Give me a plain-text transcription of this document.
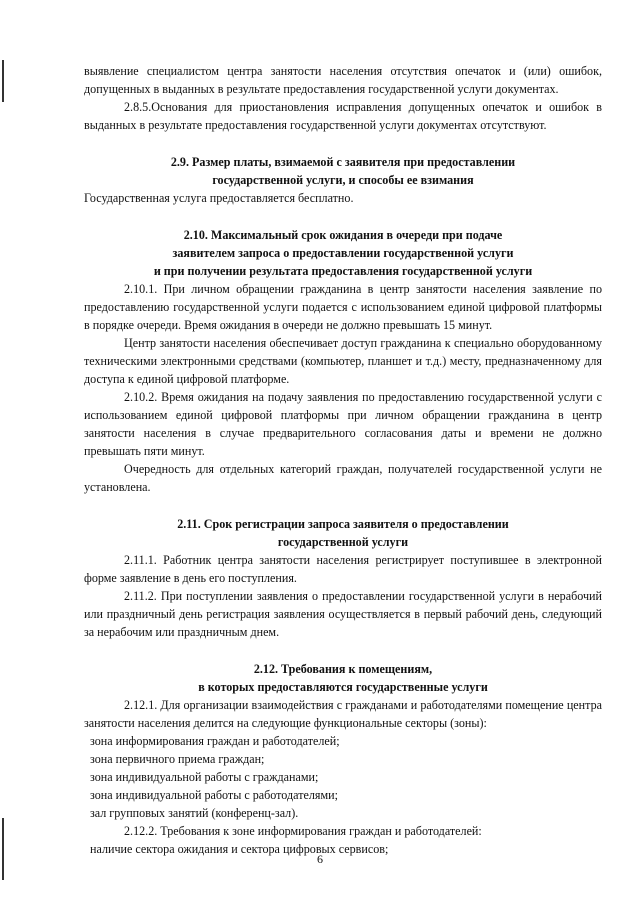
выявление специалистом центра занятости населения отсутствия опечаток и (или) ошибок, допущенных в выданных в результате предоставления государственной услуги документах.

2.8.5.Основания для приостановления исправления допущенных опечаток и ошибок в выданных в результате предоставления государственной услуги документах отсутствуют.

2.9. Размер платы, взимаемой с заявителя при предоставлении
государственной услуги, и способы ее взимания

Государственная услуга предоставляется бесплатно.

2.10. Максимальный срок ожидания в очереди при подаче
заявителем запроса о предоставлении государственной услуги
и при получении результата предоставления государственной услуги

2.10.1. При личном обращении гражданина в центр занятости населения заявление по предоставлению государственной услуги подается с использованием единой цифровой платформы в порядке очереди. Время ожидания в очереди не должно превышать 15 минут.

Центр занятости населения обеспечивает доступ гражданина к специально оборудованному техническими электронными средствами (компьютер, планшет и т.д.) месту, предназначенному для доступа к единой цифровой платформе.

2.10.2. Время ожидания на подачу заявления по предоставлению государственной услуги с использованием единой цифровой платформы при личном обращении гражданина в центр занятости населения в случае предварительного согласования даты и времени не должно превышать пяти минут.

Очередность для отдельных категорий граждан, получателей государственной услуги не установлена.

2.11. Срок регистрации запроса заявителя о предоставлении
государственной услуги

2.11.1. Работник центра занятости населения регистрирует поступившее в электронной форме заявление в день его поступления.

2.11.2. При поступлении заявления о предоставлении государственной услуги в нерабочий или праздничный день регистрация заявления осуществляется в первый рабочий день, следующий за нерабочим или праздничным днем.

2.12. Требования к помещениям,
в которых предоставляются государственные услуги

2.12.1. Для организации взаимодействия с гражданами и работодателями помещение центра занятости населения делится на следующие функциональные секторы (зоны):

зона информирования граждан и работодателей;
зона первичного приема граждан;
зона индивидуальной работы с гражданами;
зона индивидуальной работы с работодателями;
зал групповых занятий (конференц-зал).

2.12.2. Требования к зоне информирования граждан и работодателей:

наличие сектора ожидания и сектора цифровых сервисов;
6
